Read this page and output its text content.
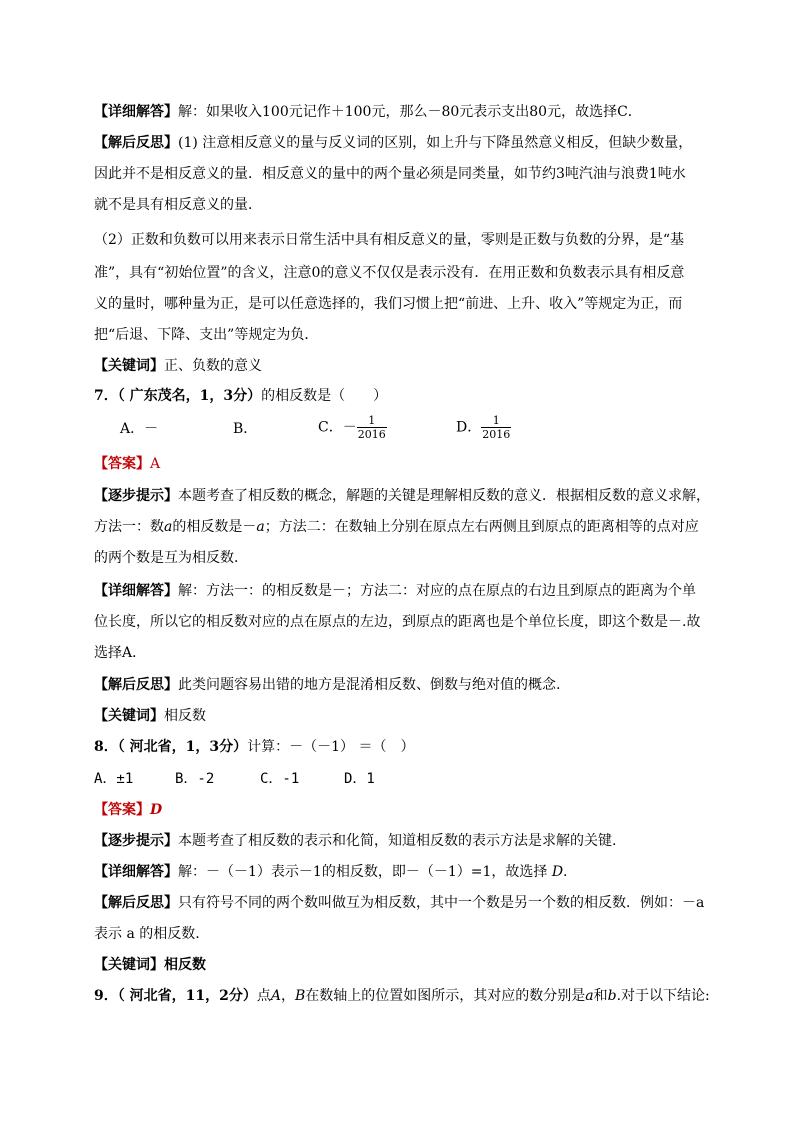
【详细解答】解：如果收入100元记作＋100元，那么－80元表示支出80元，故选择C．
【解后反思】(1) 注意相反意义的量与反义词的区别，如上升与下降虽然意义相反，但缺少数量，
因此并不是相反意义的量．相反意义的量中的两个量必须是同类量，如节约3吨汽油与浪费1吨水
就不是具有相反意义的量．
（2）正数和负数可以用来表示日常生活中具有相反意义的量，零则是正数与负数的分界，是“基
准”，具有“初始位置”的含义，注意0的意义不仅仅是表示没有．在用正数和负数表示具有相反意
义的量时，哪种量为正，是可以任意选择的，我们习惯上把“前进、上升、收入”等规定为正，而
把“后退、下降、支出”等规定为负．
【关键词】正、负数的意义
7．（ 广东茂名，1，3分）的相反数是（　　）
A．－	B．	C．－ $\frac{1}{2016}$	D． $\frac{1}{2016}$
【答案】A
【逐步提示】本题考查了相反数的概念，解题的关键是理解相反数的意义．根据相反数的意义求解，
方法一：数a的相反数是－a；方法二：在数轴上分别在原点左右两侧且到原点的距离相等的点对应
的两个数是互为相反数．
【详细解答】解：方法一：的相反数是－；方法二：对应的点在原点的右边且到原点的距离为个单
位长度，所以它的相反数对应的点在原点的左边，到原点的距离也是个单位长度，即这个数是－.故
选择A．
【解后反思】此类问题容易出错的地方是混淆相反数、倒数与绝对值的概念.
【关键词】相反数
8．（ 河北省，1，3分）计算：－（－1） ＝（　）
A．±1	B．-2	C．-1	D．1
【答案】D
【逐步提示】本题考查了相反数的表示和化简，知道相反数的表示方法是求解的关键.
【详细解答】解：－（－1）表示－1的相反数，即－（－1）=1，故选择 D.
【解后反思】只有符号不同的两个数叫做互为相反数，其中一个数是另一个数的相反数．例如：－a
表示 a 的相反数.
【关键词】相反数
9．（ 河北省，11，2分）点A，B在数轴上的位置如图所示，其对应的数分别是a和b.对于以下结论:
